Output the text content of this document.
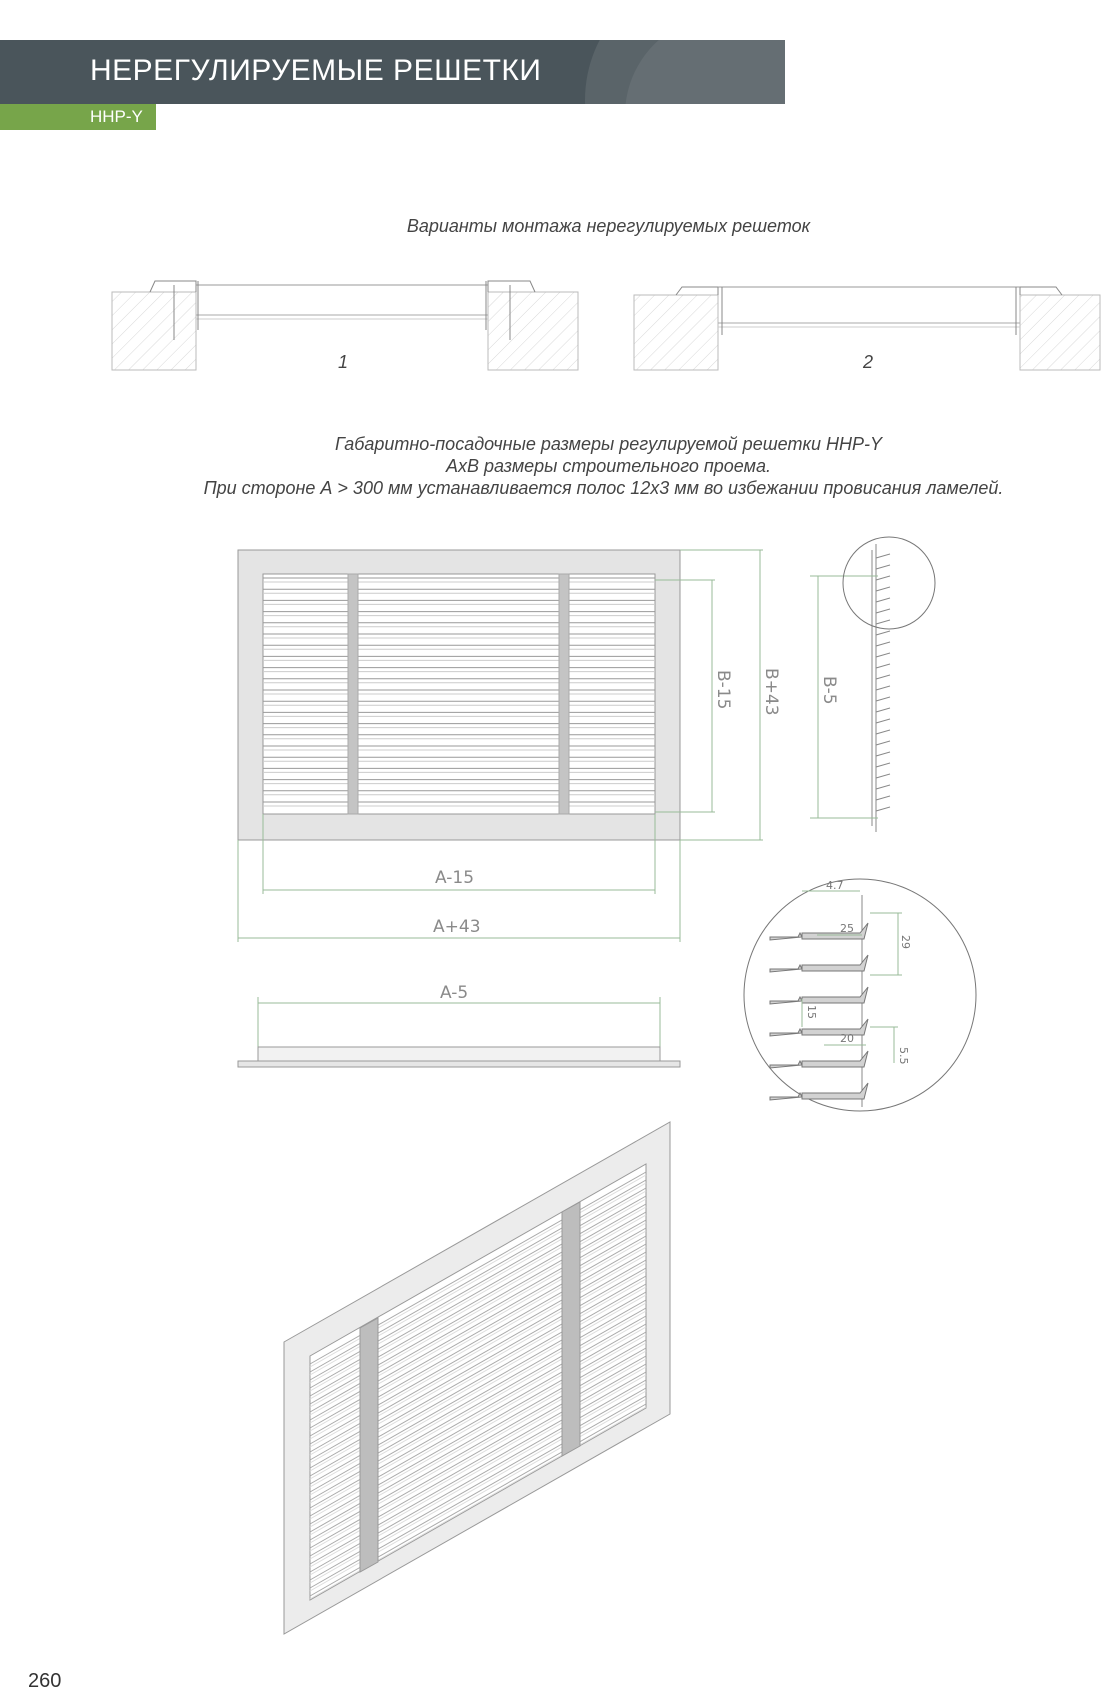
НЕРЕГУЛИРУЕМЫЕ РЕШЕТКИ
ННР-Y
Варианты монтажа нерегулируемых решеток
1	2
Габаритно-посадочные размеры регулируемой решетки ННР-Y
AxB размеры строительного проема.
При стороне А > 300 мм устанавливается полос 12х3 мм во избежании провисания ламелей.
B-15 B+43
A-15
A+43
B-5
A-5
4.7
25
29
15
20
5.5
260
